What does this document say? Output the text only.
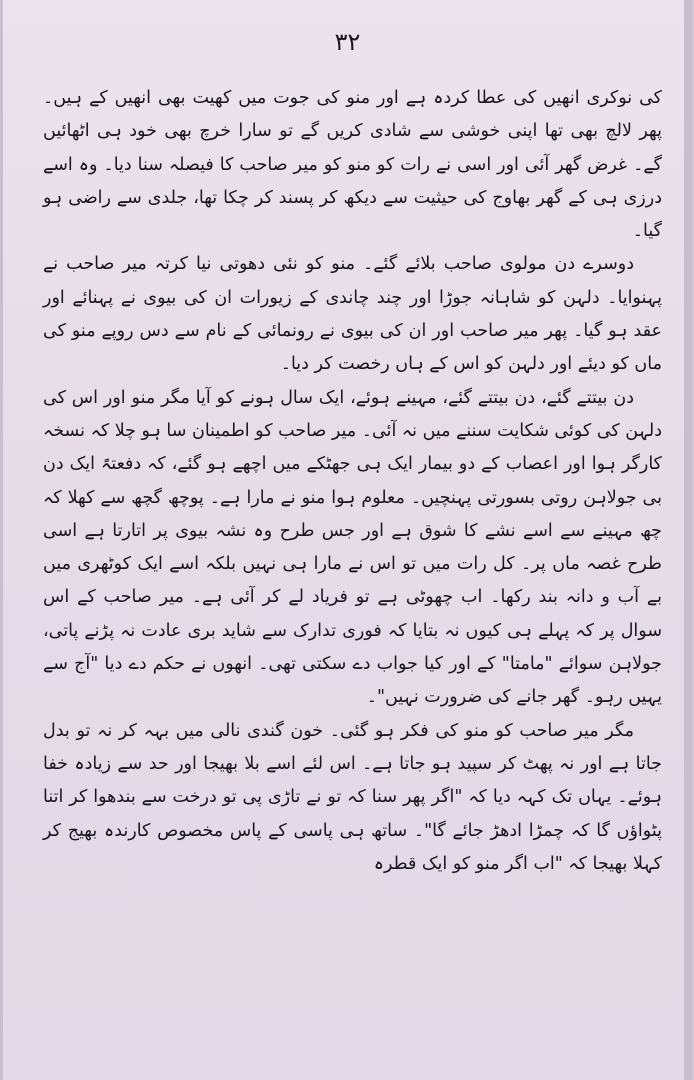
۳۲

کی نوکری انھیں کی عطا کردہ ہے اور منو کی جوت میں کھیت بھی انھیں کے ہیں۔ پھر لالچ بھی تھا اپنی خوشی سے شادی کریں گے تو سارا خرچ بھی خود ہی اٹھائیں گے۔ غرض گھر آئی اور اسی نے رات کو منو کو میر صاحب کا فیصلہ سنا دیا۔ وہ اسے درزی ہی کے گھر بھاوج کی حیثیت سے دیکھ کر پسند کر چکا تھا، جلدی سے راضی ہو گیا۔

دوسرے دن مولوی صاحب بلائے گئے۔ منو کو نئی دھوتی نیا کرتہ میر صاحب نے پہنوایا۔ دلہن کو شاہانہ جوڑا اور چند چاندی کے زیورات ان کی بیوی نے پہنائے اور عقد ہو گیا۔ پھر میر صاحب اور ان کی بیوی نے رونمائی کے نام سے دس روپے منو کی ماں کو دیئے اور دلہن کو اس کے ہاں رخصت کر دیا۔

دن بیتتے گئے، دن بیتتے گئے، مہینے ہوئے، ایک سال ہونے کو آیا مگر منو اور اس کی دلہن کی کوئی شکایت سننے میں نہ آئی۔ میر صاحب کو اطمینان سا ہو چلا کہ نسخہ کارگر ہوا اور اعصاب کے دو بیمار ایک ہی جھٹکے میں اچھے ہو گئے، کہ دفعتہً ایک دن بی جولاہن روتی بسورتی پہنچیں۔ معلوم ہوا منو نے مارا ہے۔ پوچھ گچھ سے کھلا کہ چھ مہینے سے اسے نشے کا شوق ہے اور جس طرح وہ نشہ بیوی پر اتارتا ہے اسی طرح غصہ ماں پر۔ کل رات میں تو اس نے مارا ہی نہیں بلکہ اسے ایک کوٹھری میں بے آب و دانہ بند رکھا۔ اب چھوٹی ہے تو فریاد لے کر آئی ہے۔ میر صاحب کے اس سوال پر کہ پہلے ہی کیوں نہ بتایا کہ فوری تدارک سے شاید بری عادت نہ پڑنے پاتی، جولاہن سوائے "مامتا" کے اور کیا جواب دے سکتی تھی۔ انھوں نے حکم دے دیا "آج سے یہیں رہو۔ گھر جانے کی ضرورت نہیں"۔

مگر میر صاحب کو منو کی فکر ہو گئی۔ خون گندی نالی میں بہہ کر نہ تو بدل جاتا ہے اور نہ پھٹ کر سپید ہو جاتا ہے۔ اس لئے اسے بلا بھیجا اور حد سے زیادہ خفا ہوئے۔ یہاں تک کہہ دیا کہ "اگر پھر سنا کہ تو نے تاڑی پی تو درخت سے بندھوا کر اتنا پٹواؤں گا کہ چمڑا ادھڑ جائے گا"۔ ساتھ ہی پاسی کے پاس مخصوص کارندہ بھیج کر کہلا بھیجا کہ "اب اگر منو کو ایک قطرہ
